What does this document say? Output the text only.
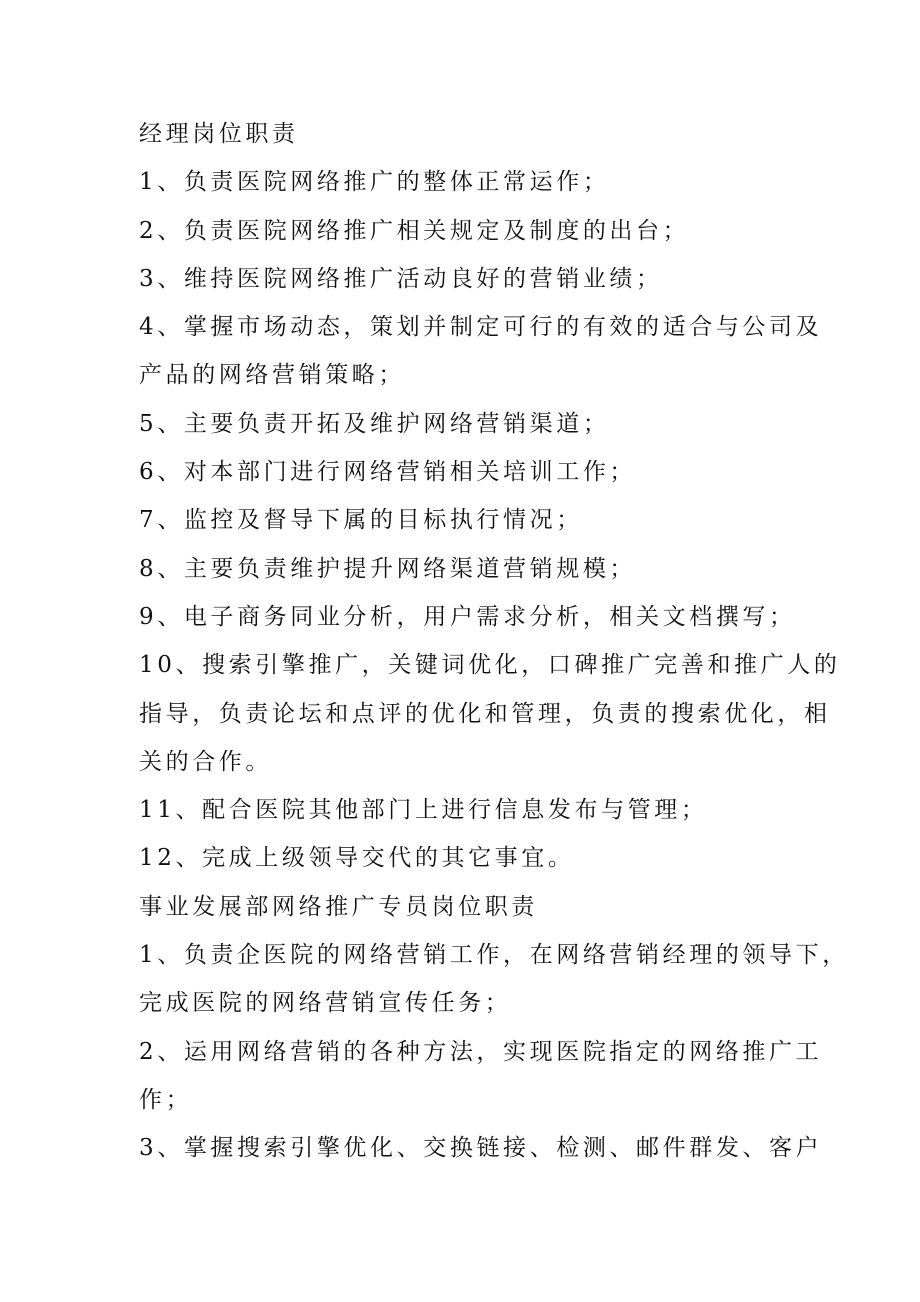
经理岗位职责
1、负责医院网络推广的整体正常运作；
2、负责医院网络推广相关规定及制度的出台；
3、维持医院网络推广活动良好的营销业绩；
4、掌握市场动态，策划并制定可行的有效的适合与公司及
产品的网络营销策略；
5、主要负责开拓及维护网络营销渠道；
6、对本部门进行网络营销相关培训工作；
7、监控及督导下属的目标执行情况；
8、主要负责维护提升网络渠道营销规模；
9、电子商务同业分析，用户需求分析，相关文档撰写；
10、搜索引擎推广，关键词优化，口碑推广完善和推广人的
指导，负责论坛和点评的优化和管理，负责的搜索优化，相
关的合作。
11、配合医院其他部门上进行信息发布与管理；
12、完成上级领导交代的其它事宜。
事业发展部网络推广专员岗位职责
1、负责企医院的网络营销工作，在网络营销经理的领导下，
完成医院的网络营销宣传任务；
2、运用网络营销的各种方法，实现医院指定的网络推广工
作；
3、掌握搜索引擎优化、交换链接、检测、邮件群发、客户
